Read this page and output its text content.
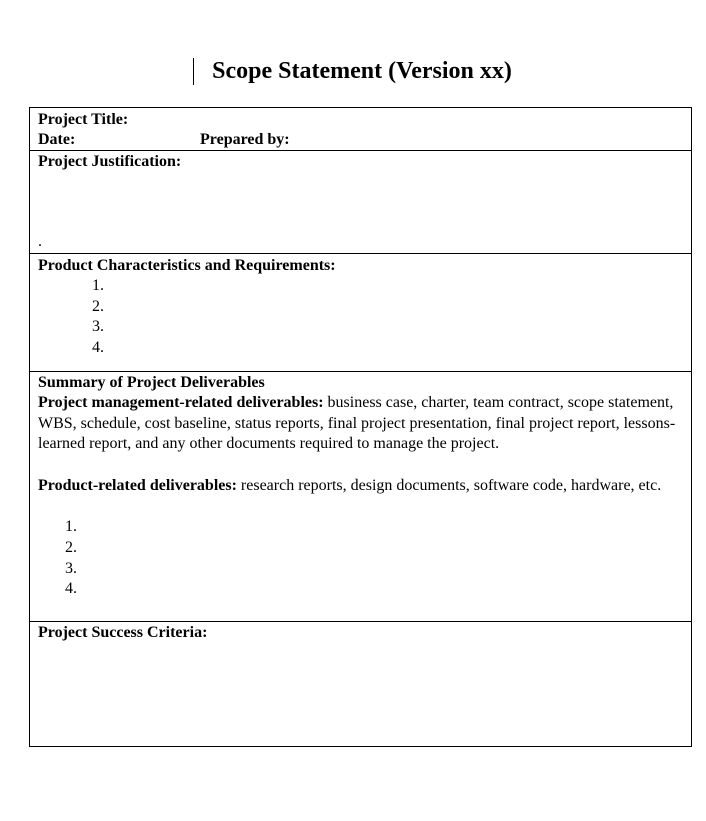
Scope Statement (Version xx)
Project Title:
Date:	Prepared by:
Project Justification:
.
Product Characteristics and Requirements:
1.
2.
3.
4.
Summary of Project Deliverables
Project management-related deliverables: business case, charter, team contract, scope statement, WBS, schedule, cost baseline, status reports, final project presentation, final project report, lessons-learned report, and any other documents required to manage the project.
Product-related deliverables: research reports, design documents, software code, hardware, etc.
1.
2.
3.
4.
Project Success Criteria:
